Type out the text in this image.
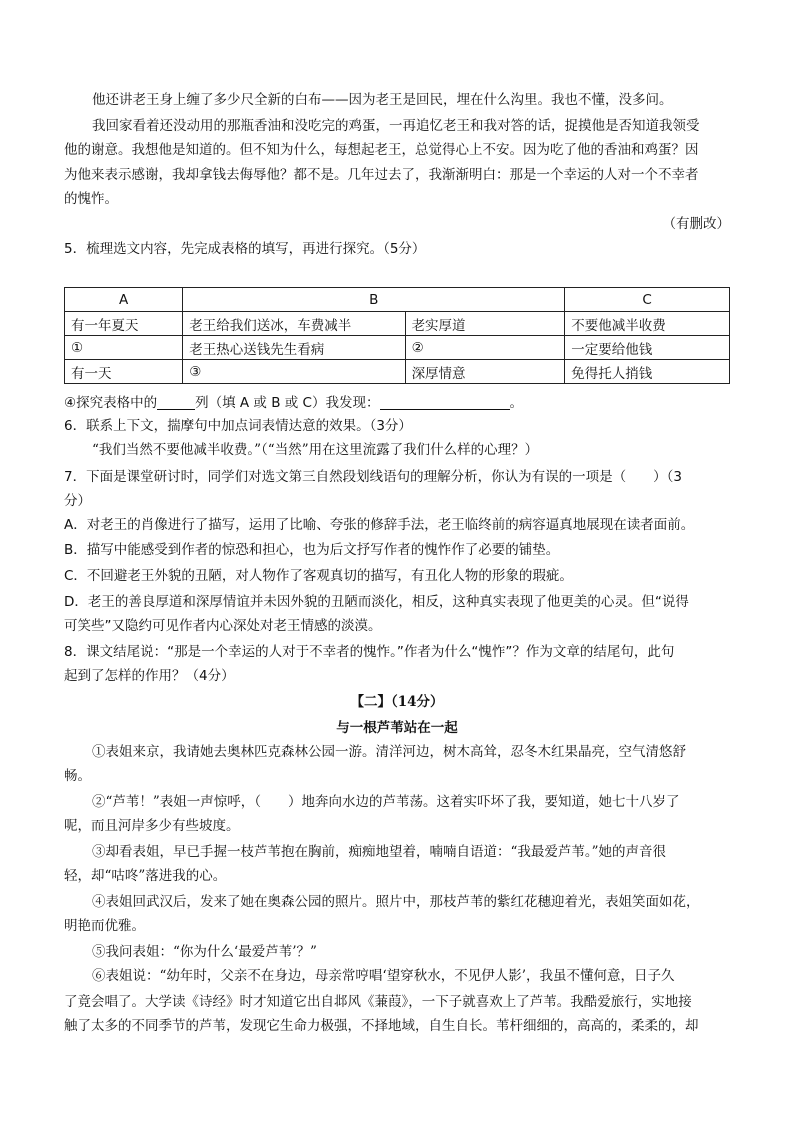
他还讲老王身上缠了多少尺全新的白布——因为老王是回民，埋在什么沟里。我也不懂，没多问。
我回家看着还没动用的那瓶香油和没吃完的鸡蛋，一再追忆老王和我对答的话，捉摸他是否知道我领受
他的谢意。我想他是知道的。但不知为什么，每想起老王，总觉得心上不安。因为吃了他的香油和鸡蛋？因
为他来表示感谢，我却拿钱去侮辱他？都不是。几年过去了，我渐渐明白：那是一个幸运的人对一个不幸者
的愧怍。
（有删改）
5．梳理选文内容，先完成表格的填写，再进行探究。（5分）
A	B		C
有一年夏天	老王给我们送冰，车费减半	老实厚道	不要他减半收费
①	老王热心送钱先生看病	②	一定要给他钱
有一天	③	深厚情意	免得托人捎钱
④探究表格中的	列（填 A 或 B 或 C）我发现：	。
6．联系上下文，揣摩句中加点词表情达意的效果。（3分）
“我们当然不要他减半收费。”（“当然”用在这里流露了我们什么样的心理？）
7．下面是课堂研讨时，同学们对选文第三自然段划线语句的理解分析，你认为有误的一项是（　　）（3
分）
A．对老王的肖像进行了描写，运用了比喻、夸张的修辞手法，老王临终前的病容逼真地展现在读者面前。
B．描写中能感受到作者的惊恐和担心，也为后文抒写作者的愧怍作了必要的铺垫。
C．不回避老王外貌的丑陋，对人物作了客观真切的描写，有丑化人物的形象的瑕疵。
D．老王的善良厚道和深厚情谊并未因外貌的丑陋而淡化，相反，这种真实表现了他更美的心灵。但“说得
可笑些”又隐约可见作者内心深处对老王情感的淡漠。
8．课文结尾说：“那是一个幸运的人对于不幸者的愧怍。”作者为什么“愧怍”？作为文章的结尾句，此句
起到了怎样的作用？（4分）
【二】（14分）
与一根芦苇站在一起
①表姐来京，我请她去奥林匹克森林公园一游。清洋河边，树木高耸，忍冬木红果晶亮，空气清悠舒
畅。
②“芦苇！”表姐一声惊呼，（　　）地奔向水边的芦苇荡。这着实吓坏了我，要知道，她七十八岁了
呢，而且河岸多少有些坡度。
③却看表姐，早已手握一枝芦苇抱在胸前，痴痴地望着，喃喃自语道：“我最爱芦苇。”她的声音很
轻，却“咕咚”落进我的心。
④表姐回武汉后，发来了她在奥森公园的照片。照片中，那枝芦苇的紫红花穗迎着光，表姐笑面如花，
明艳而优雅。
⑤我问表姐：“你为什么‘最爱芦苇’？”
⑥表姐说：“幼年时，父亲不在身边，母亲常哼唱‘望穿秋水，不见伊人影’，我虽不懂何意，日子久
了竟会唱了。大学读《诗经》时才知道它出自邶风《蒹葭》，一下子就喜欢上了芦苇。我酷爱旅行，实地接
触了太多的不同季节的芦苇，发现它生命力极强，不择地域，自生自长。苇杆细细的，高高的，柔柔的，却
